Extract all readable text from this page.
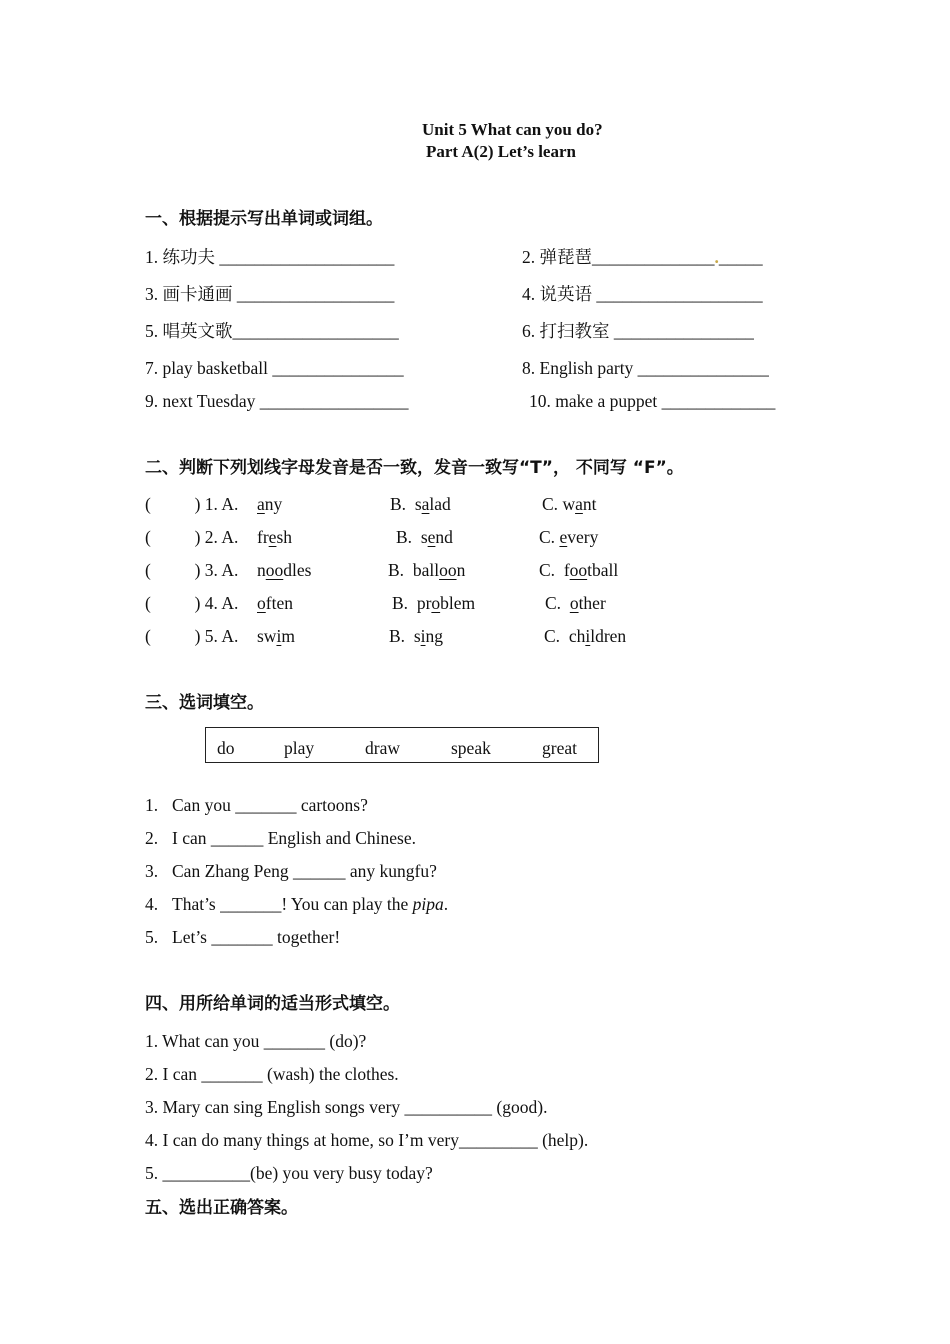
Unit 5 What can you do?
Part A(2) Let’s learn
一、根据提示写出单词或词组。
1. 练功夫 ____________________	2. 弹琵琶______________._____
3. 画卡通画 __________________	4. 说英语 ___________________
5. 唱英文歌___________________	6. 打扫教室 ________________
7. play basketball _______________	8. English party _______________
9. next Tuesday _________________	10. make a puppet _____________
二、判断下列划线字母发音是否一致，发音一致写“T”， 不同写 “F”。
(          ) 1. A. any	B. salad	C. want
(          ) 2. A. fresh	B. send	C. every
(          ) 3. A. noodles	B. balloon	C. football
(          ) 4. A. often	B. problem	C. other
(          ) 5. A. swim	B. sing	C. children
三、选词填空。
do	play	draw	speak	great
1. Can you _______ cartoons?
2. I can ______ English and Chinese.
3. Can Zhang Peng ______ any kungfu?
4. That’s _______! You can play the pipa.
5. Let’s _______ together!
四、用所给单词的适当形式填空。
1. What can you _______ (do)?
2. I can _______ (wash) the clothes.
3. Mary can sing English songs very __________ (good).
4. I can do many things at home, so I’m very_________ (help).
5. __________(be) you very busy today?
五、选出正确答案。
